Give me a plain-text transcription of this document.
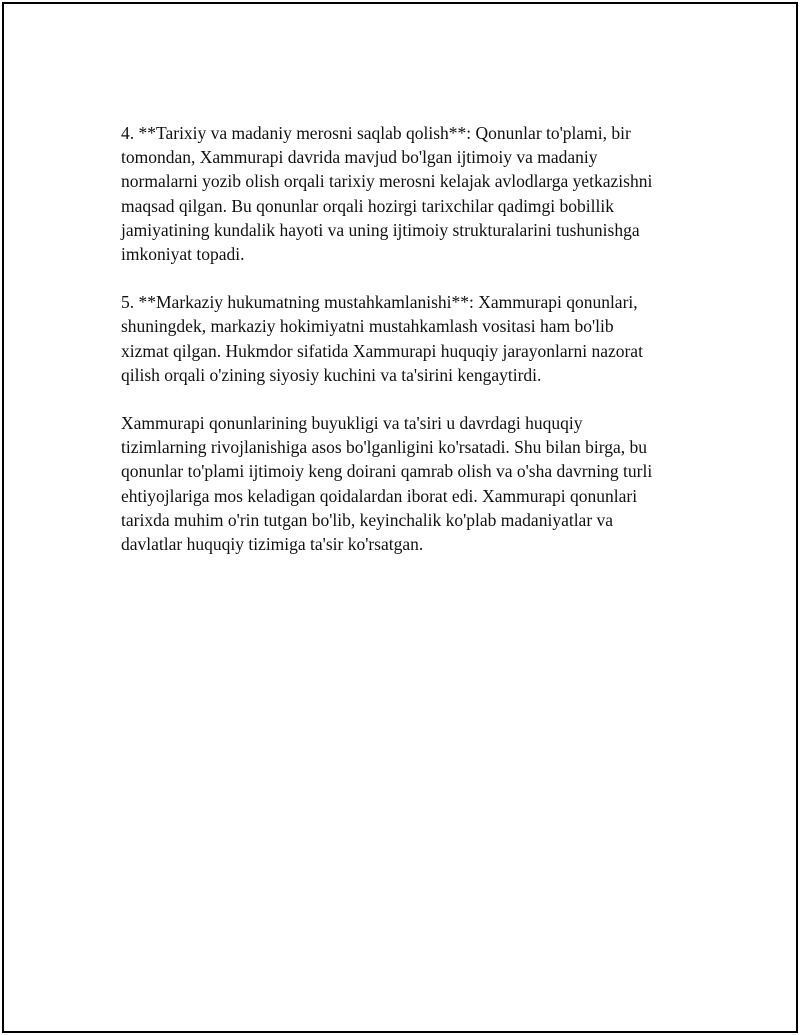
4. **Tarixiy va madaniy merosni saqlab qolish**: Qonunlar to'plami, bir
tomondan, Xammurapi davrida mavjud bo'lgan ijtimoiy va madaniy
normalarni yozib olish orqali tarixiy merosni kelajak avlodlarga yetkazishni
maqsad qilgan. Bu qonunlar orqali hozirgi tarixchilar qadimgi bobillik
jamiyatining kundalik hayoti va uning ijtimoiy strukturalarini tushunishga
imkoniyat topadi.

5. **Markaziy hukumatning mustahkamlanishi**: Xammurapi qonunlari,
shuningdek, markaziy hokimiyatni mustahkamlash vositasi ham bo'lib
xizmat qilgan. Hukmdor sifatida Xammurapi huquqiy jarayonlarni nazorat
qilish orqali o'zining siyosiy kuchini va ta'sirini kengaytirdi.

Xammurapi qonunlarining buyukligi va ta'siri u davrdagi huquqiy
tizimlarning rivojlanishiga asos bo'lganligini ko'rsatadi. Shu bilan birga, bu
qonunlar to'plami ijtimoiy keng doirani qamrab olish va o'sha davrning turli
ehtiyojlariga mos keladigan qoidalardan iborat edi. Xammurapi qonunlari
tarixda muhim o'rin tutgan bo'lib, keyinchalik ko'plab madaniyatlar va
davlatlar huquqiy tizimiga ta'sir ko'rsatgan.
